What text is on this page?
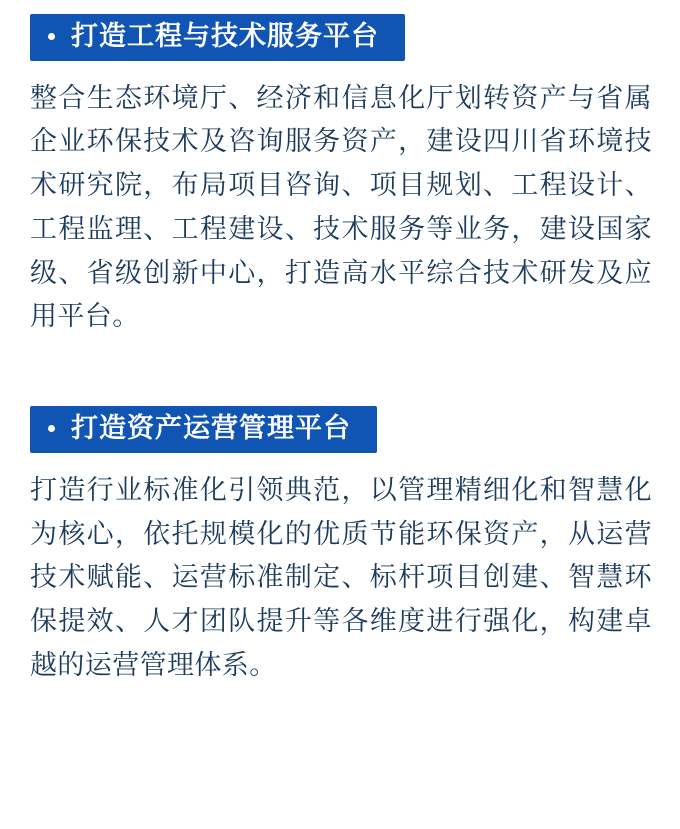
打造工程与技术服务平台

整合生态环境厅、经济和信息化厅划转资产与省属企业环保技术及咨询服务资产，建设四川省环境技术研究院，布局项目咨询、项目规划、工程设计、工程监理、工程建设、技术服务等业务，建设国家级、省级创新中心，打造高水平综合技术研发及应用平台。

打造资产运营管理平台

打造行业标准化引领典范，以管理精细化和智慧化为核心，依托规模化的优质节能环保资产，从运营技术赋能、运营标准制定、标杆项目创建、智慧环保提效、人才团队提升等各维度进行强化，构建卓越的运营管理体系。
